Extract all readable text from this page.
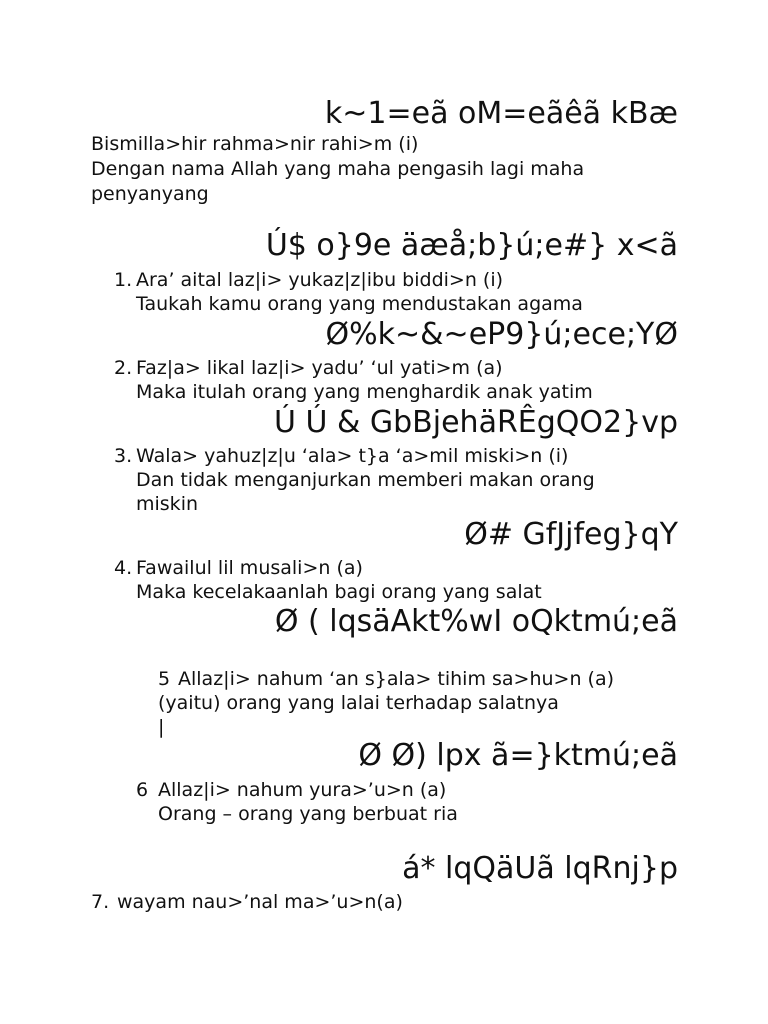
k~1=eã oM=eãêã kBæ
Bismilla>hir rahma>nir rahi>m (i)
Dengan nama Allah yang maha pengasih lagi maha
penyanyang
Ú$ o}9e äæå;b}ú;e#} x<ã
1. Ara’ aital laz|i> yukaz|z|ibu biddi>n (i)
Taukah kamu orang yang mendustakan agama
Ø%k~&~eP9}ú;ece;YØ
2. Faz|a> likal laz|i> yadu’ ‘ul yati>m (a)
Maka itulah orang yang menghardik anak yatim
Ú Ú & GbBjehäRÊgQO2}vp
3. Wala> yahuz|z|u ‘ala> t}a ‘a>mil miski>n (i)
Dan tidak menganjurkan memberi makan orang
miskin
Ø# GfJjfeg}qY
4. Fawailul lil musali>n (a)
Maka kecelakaanlah bagi orang yang salat
Ø ( lqsäAkt%wI oQktmú;eã
5 Allaz|i> nahum ‘an s}ala> tihim sa>hu>n (a)
(yaitu) orang yang lalai terhadap salatnya
|
Ø Ø) lpx ã=}ktmú;eã
6 Allaz|i> nahum yura>’u>n (a)
Orang – orang yang berbuat ria
á* lqQäUã lqRnj}p
7. wayam nau>’nal ma>’u>n(a)
